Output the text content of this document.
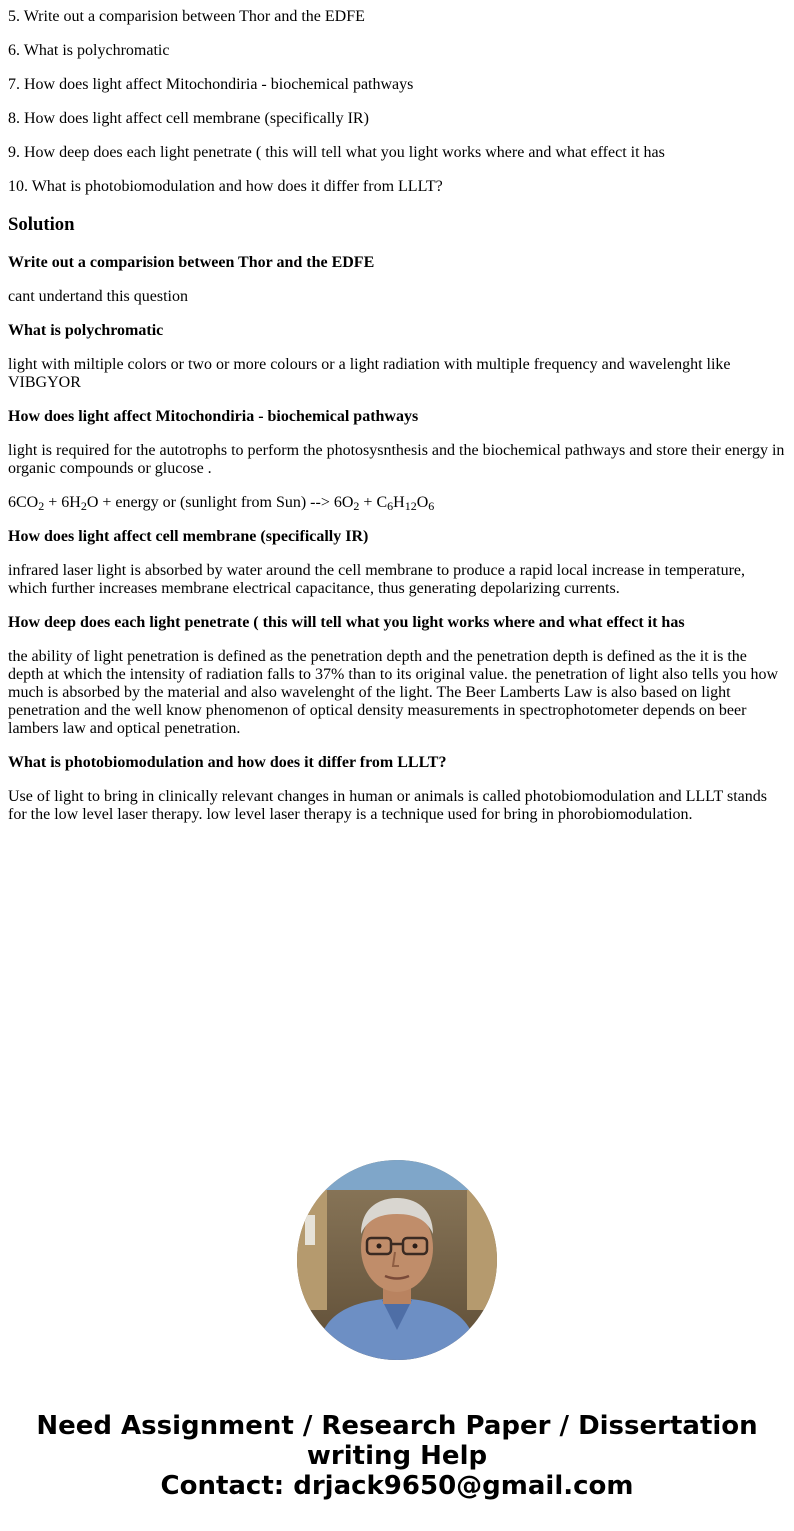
5. Write out a comparision between Thor and the EDFE

6. What is polychromatic

7. How does light affect Mitochondiria - biochemical pathways

8. How does light affect cell membrane (specifically IR)

9. How deep does each light penetrate ( this will tell what you light works where and what effect it has

10. What is photobiomodulation and how does it differ from LLLT?

Solution
Write out a comparision between Thor and the EDFE

cant undertand this question

What is polychromatic

light with miltiple colors or two or more colours or a light radiation with multiple frequency and wavelenght like VIBGYOR

How does light affect Mitochondiria - biochemical pathways

light is required for the autotrophs to perform the photosysnthesis and the biochemical pathways and store their energy in organic compounds or glucose .

$6CO_2 + 6H_2O$ + energy or (sunlight from Sun) --> $6O_2 + C_6H_{12}O_6$

How does light affect cell membrane (specifically IR)

infrared laser light is absorbed by water around the cell membrane to produce a rapid local increase in temperature, which further increases membrane electrical capacitance, thus generating depolarizing currents.

How deep does each light penetrate ( this will tell what you light works where and what effect it has

the ability of light penetration is defined as the penetration depth and the penetration depth is defined as the it is the depth at which the intensity of radiation falls to 37% than to its original value. the penetration of light also tells you how much is absorbed by the material and also wavelenght of the light. The Beer Lamberts Law is also based on light penetration and the well know phenomenon of optical density measurements in spectrophotometer depends on beer lambers law and optical penetration.

What is photobiomodulation and how does it differ from LLLT?

Use of light to bring in clinically relevant changes in human or animals is called photobiomodulation and LLLT stands for the low level laser therapy. low level laser therapy is a technique used for bring in phorobiomodulation.

Need Assignment / Research Paper / Dissertation
writing Help
Contact: drjack9650@gmail.com
